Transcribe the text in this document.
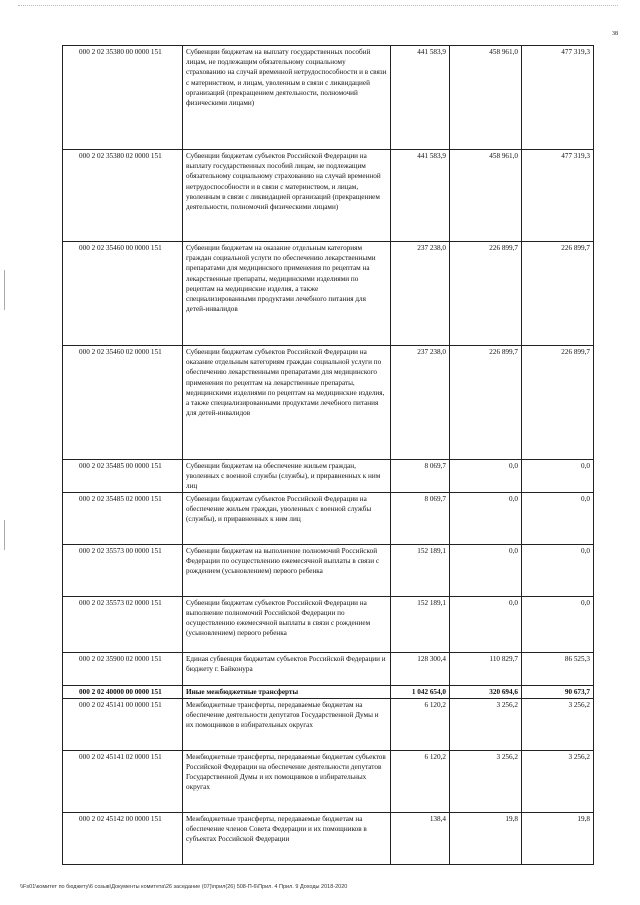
38
000 2 02 35380 00 0000 151	Субвенции бюджетам на выплату государственных пособий лицам, не подлежащим обязательному социальному страхованию на случай временной нетрудоспособности и в связи с материнством, и лицам, уволенным в связи с ликвидацией организаций (прекращением деятельности, полномочий физическими лицами)	441 583,9	458 961,0	477 319,3
000 2 02 35380 02 0000 151	Субвенции бюджетам субъектов Российской Федерации на выплату государственных пособий лицам, не подлежащим обязательному социальному страхованию на случай временной нетрудоспособности и в связи с материнством, и лицам, уволенным в связи с ликвидацией организаций (прекращением деятельности, полномочий физическими лицами)	441 583,9	458 961,0	477 319,3
000 2 02 35460 00 0000 151	Субвенции бюджетам на оказание отдельным категориям граждан социальной услуги по обеспечению лекарственными препаратами для медицинского применения по рецептам на лекарственные препараты, медицинскими изделиями по рецептам на медицинские изделия, а также специализированными продуктами лечебного питания для детей-инвалидов	237 238,0	226 899,7	226 899,7
000 2 02 35460 02 0000 151	Субвенции бюджетам субъектов Российской Федерации на оказание отдельным категориям граждан социальной услуги по обеспечению лекарственными препаратами для медицинского применения по рецептам на лекарственные препараты, медицинскими изделиями по рецептам на медицинские изделия, а также специализированными продуктами лечебного питания для детей-инвалидов	237 238,0	226 899,7	226 899,7
000 2 02 35485 00 0000 151	Субвенции бюджетам на обеспечение жильем граждан, уволенных с военной службы (службы), и приравненных к ним лиц	8 069,7	0,0	0,0
000 2 02 35485 02 0000 151	Субвенции бюджетам субъектов Российской Федерации на обеспечение жильем граждан, уволенных с военной службы (службы), и приравненных к ним лиц	8 069,7	0,0	0,0
000 2 02 35573 00 0000 151	Субвенции бюджетам на выполнение полномочий Российской Федерации по осуществлению ежемесячной выплаты в связи с рождением (усыновлением) первого ребенка	152 189,1	0,0	0,0
000 2 02 35573 02 0000 151	Субвенции бюджетам субъектов Российской Федерации на выполнение полномочий Российской Федерации по осуществлению ежемесячной выплаты в связи с рождением (усыновлением) первого ребенка	152 189,1	0,0	0,0
000 2 02 35900 02 0000 151	Единая субвенция бюджетам субъектов Российской Федерации и бюджету г. Байконура	128 300,4	110 829,7	86 525,3
000 2 02 40000 00 0000 151	Иные межбюджетные трансферты	1 042 654,0	320 694,6	90 673,7
000 2 02 45141 00 0000 151	Межбюджетные трансферты, передаваемые бюджетам на обеспечение деятельности депутатов Государственной Думы и их помощников в избирательных округах	6 120,2	3 256,2	3 256,2
000 2 02 45141 02 0000 151	Межбюджетные трансферты, передаваемые бюджетам субъектов Российской Федерации на обеспечение деятельности депутатов Государственной Думы и их помощников в избирательных округах	6 120,2	3 256,2	3 256,2
000 2 02 45142 00 0000 151	Межбюджетные трансферты, передаваемые бюджетам на обеспечение членов Совета Федерации и их помощников в субъектах Российской Федерации	138,4	19,8	19,8
\\Fs01\комитет по бюджету\6 созыв\Документы комитета\26 заседание (07)\прил(26) 508-П-6\Прил. 4 Прил. 9 Доходы 2018-2020
